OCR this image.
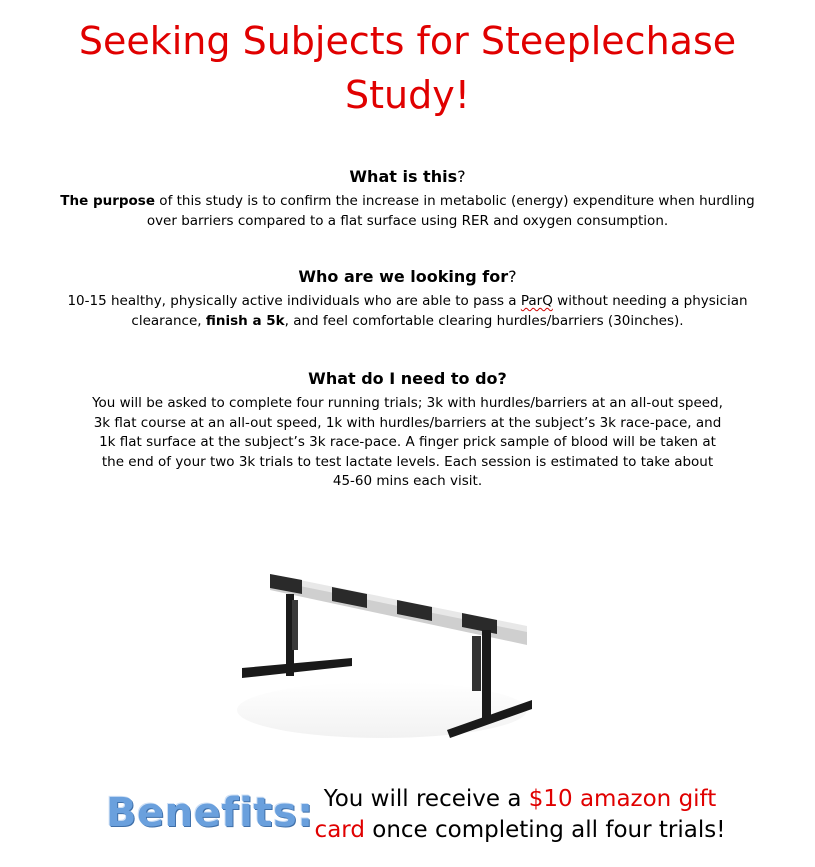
Seeking Subjects for Steeplechase
Study!
What is this?
The purpose of this study is to confirm the increase in metabolic (energy) expenditure when hurdling over barriers compared to a flat surface using RER and oxygen consumption.
Who are we looking for?
10-15 healthy, physically active individuals who are able to pass a ParQ without needing a physician clearance, finish a 5k, and feel comfortable clearing hurdles/barriers (30inches).
What do I need to do?
You will be asked to complete four running trials; 3k with hurdles/barriers at an all-out speed, 3k flat course at an all-out speed, 1k with hurdles/barriers at the subject’s 3k race-pace, and 1k flat surface at the subject’s 3k race-pace. A finger prick sample of blood will be taken at the end of your two 3k trials to test lactate levels. Each session is estimated to take about 45-60 mins each visit.
Benefits: You will receive a $10 amazon gift
card once completing all four trials!
